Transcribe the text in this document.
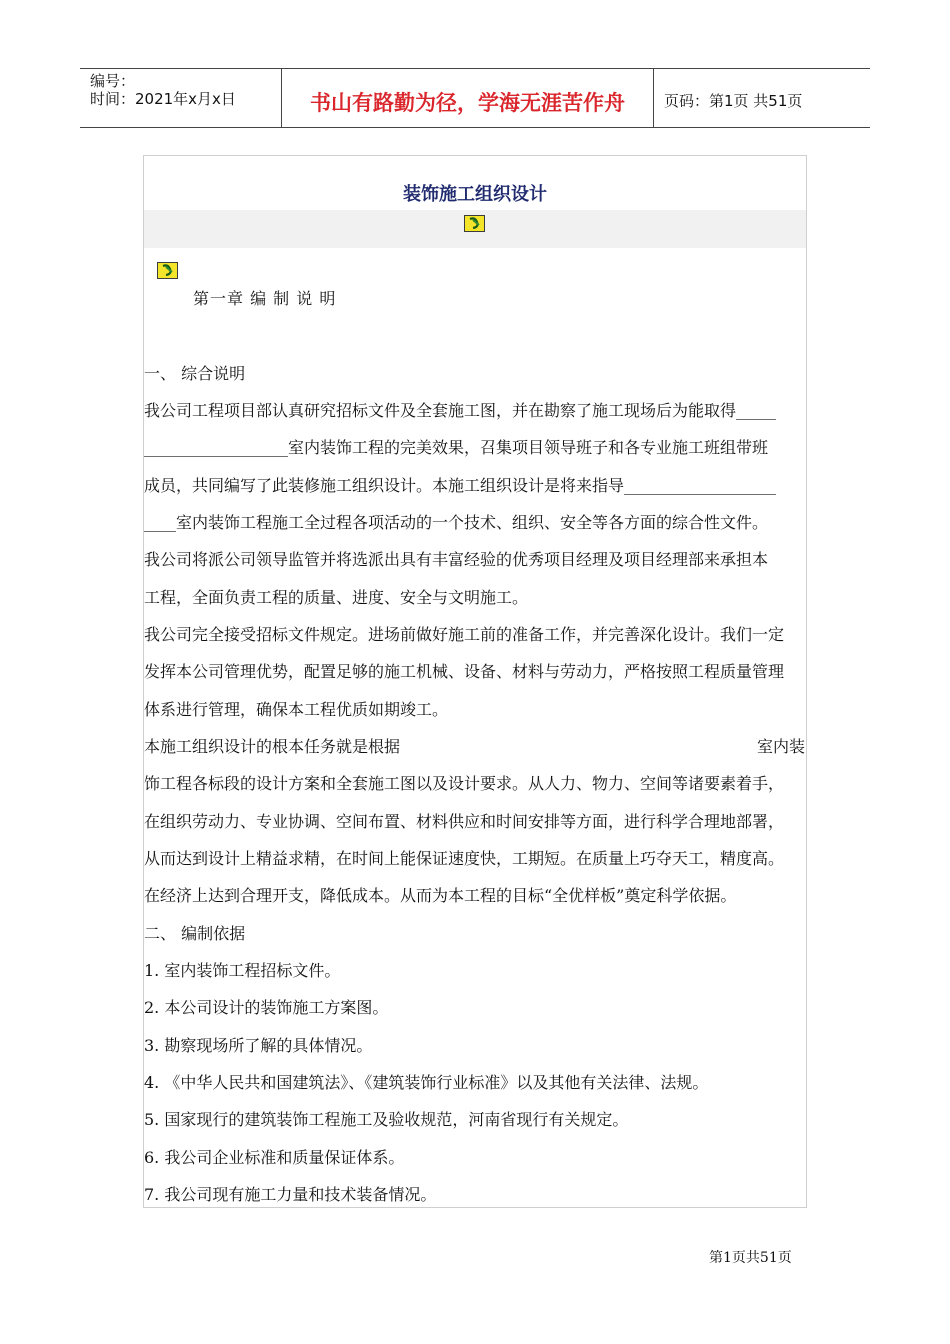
编号：
时间：2021年x月x日	书山有路勤为径，学海无涯苦作舟	页码：第1页 共51页
装饰施工组织设计
第一章 编 制 说 明
一、 综合说明
我公司工程项目部认真研究招标文件及全套施工图，并在勘察了施工现场后为能取得_____
__________________室内装饰工程的完美效果，召集项目领导班子和各专业施工班组带班
成员，共同编写了此装修施工组织设计。本施工组织设计是将来指导___________________
____室内装饰工程施工全过程各项活动的一个技术、组织、安全等各方面的综合性文件。
我公司将派公司领导监管并将选派出具有丰富经验的优秀项目经理及项目经理部来承担本
工程，全面负责工程的质量、进度、安全与文明施工。
我公司完全接受招标文件规定。进场前做好施工前的准备工作，并完善深化设计。我们一定
发挥本公司管理优势，配置足够的施工机械、设备、材料与劳动力，严格按照工程质量管理
体系进行管理，确保本工程优质如期竣工。
本施工组织设计的根本任务就是根据	室内装
饰工程各标段的设计方案和全套施工图以及设计要求。从人力、物力、空间等诸要素着手，
在组织劳动力、专业协调、空间布置、材料供应和时间安排等方面，进行科学合理地部署，
从而达到设计上精益求精，在时间上能保证速度快，工期短。在质量上巧夺天工，精度高。
在经济上达到合理开支，降低成本。从而为本工程的目标“全优样板”奠定科学依据。
二、 编制依据
1. 室内装饰工程招标文件。
2. 本公司设计的装饰施工方案图。
3. 勘察现场所了解的具体情况。
4. 《中华人民共和国建筑法》、《建筑装饰行业标准》以及其他有关法律、法规。
5. 国家现行的建筑装饰工程施工及验收规范，河南省现行有关规定。
6. 我公司企业标准和质量保证体系。
7. 我公司现有施工力量和技术装备情况。
第1页共51页
